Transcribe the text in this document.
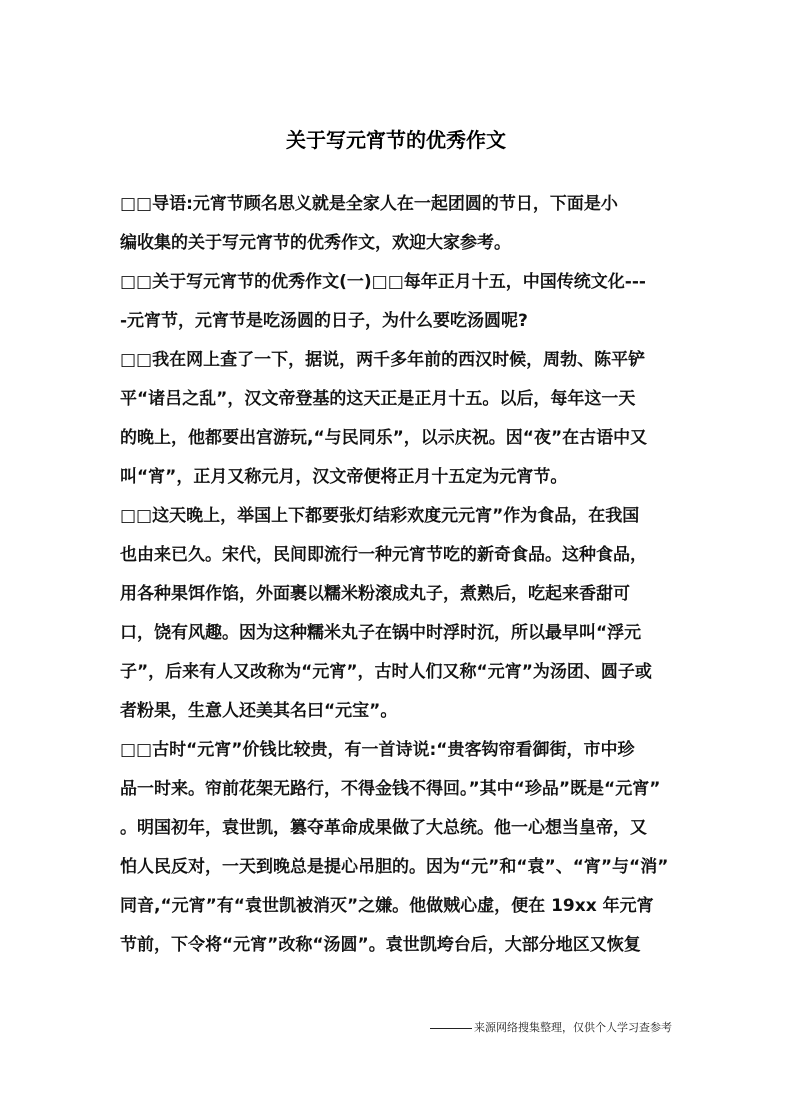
关于写元宵节的优秀作文
□□导语:元宵节顾名思义就是全家人在一起团圆的节日，下面是小
编收集的关于写元宵节的优秀作文，欢迎大家参考。
□□关于写元宵节的优秀作文(一)□□每年正月十五，中国传统文化---
-元宵节，元宵节是吃汤圆的日子，为什么要吃汤圆呢?
□□我在网上查了一下，据说，两千多年前的西汉时候，周勃、陈平铲
平“诸吕之乱”，汉文帝登基的这天正是正月十五。以后，每年这一天
的晚上，他都要出宫游玩,“与民同乐”，以示庆祝。因“夜”在古语中又
叫“宵”，正月又称元月，汉文帝便将正月十五定为元宵节。
□□这天晚上，举国上下都要张灯结彩欢度元元宵”作为食品，在我国
也由来已久。宋代，民间即流行一种元宵节吃的新奇食品。这种食品，
用各种果饵作馅，外面裹以糯米粉滚成丸子，煮熟后，吃起来香甜可
口，饶有风趣。因为这种糯米丸子在锅中时浮时沉，所以最早叫“浮元
子”，后来有人又改称为“元宵”，古时人们又称“元宵”为汤团、圆子或
者粉果，生意人还美其名曰“元宝”。
□□古时“元宵”价钱比较贵，有一首诗说:“贵客钩帘看御街，市中珍
品一时来。帘前花架无路行，不得金钱不得回。”其中“珍品”既是“元宵”
。明国初年，袁世凯，篡夺革命成果做了大总统。他一心想当皇帝，又
怕人民反对，一天到晚总是提心吊胆的。因为“元”和“袁”、“宵”与“消”
同音,“元宵”有“袁世凯被消灭”之嫌。他做贼心虚，便在 19xx 年元宵
节前，下令将“元宵”改称“汤圆”。袁世凯垮台后，大部分地区又恢复
来源网络搜集整理，仅供个人学习查参考
